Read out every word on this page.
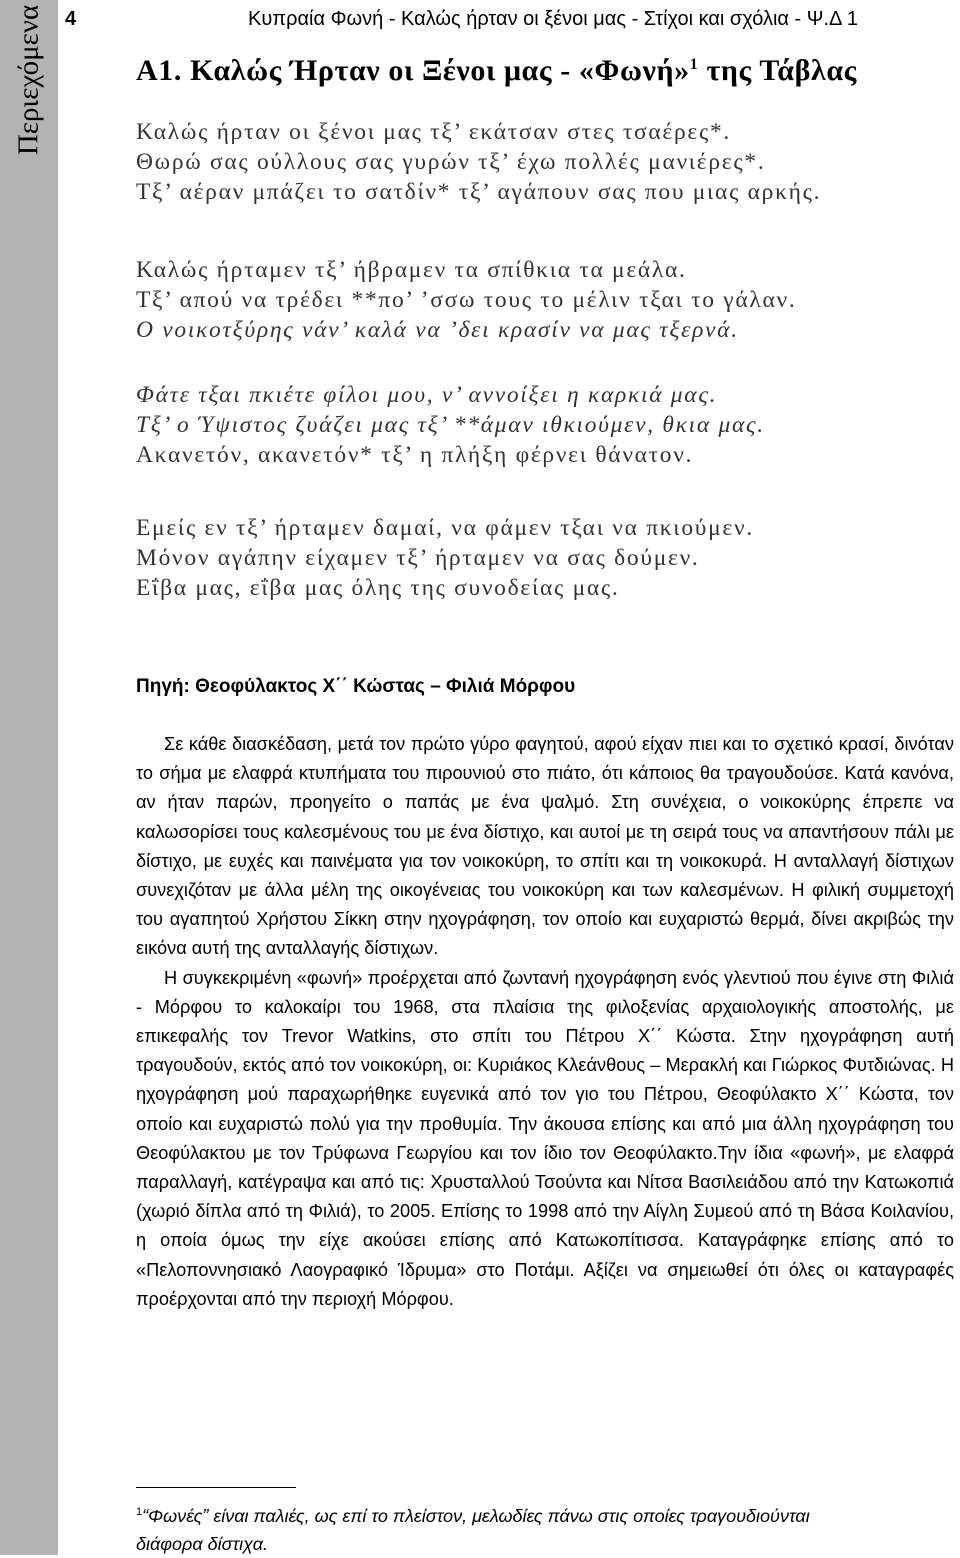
Περιεχόμενα 4	Κυπραία Φωνή - Καλώς ήρταν οι ξένοι μας - Στίχοι και σχόλια - Ψ.Δ 1
Α1. Καλώς Ήρταν οι Ξένοι μας - «Φωνή»$^1$ της Τάβλας
Καλώς ήρταν οι ξένοι μας τξ’ εκάτσαν στες τσαέρες*.
Θωρώ σας ούλλους σας γυρών τξ’ έχω πολλές μανιέρες*.
Τξ’ αέραν μπάζει το σατδίν* τξ’ αγάπουν σας που μιας αρκής.
Καλώς ήρταμεν τξ’ ήβραμεν τα σπίθκια τα μεάλα.
Τξ’ απού να τρέδει **πο’ ’σσω τους το μέλιν τξαι το γάλαν.
Ο νοικοτξύρης νάν’ καλά να ’δει κρασίν να μας τξερνά.
Φάτε τξαι πκιέτε φίλοι μου, ν’ αννοίξει η καρκιά μας.
Τξ’ ο Ύψιστος ζυάζει μας τξ’ **άμαν ιθκιούμεν, θκια μας.
Ακανετόν, ακανετόν* τξ’ η πλήξη φέρνει θάνατον.
Εμείς εν τξ’ ήρταμεν δαμαί, να φάμεν τξαι να πκιούμεν.
Μόνον αγάπην είχαμεν τξ’ ήρταμεν να σας δούμεν.
Εΐβα μας, εΐβα μας όλης της συνοδείας μας.
Πηγή: Θεοφύλακτος Χ΄΄ Κώστας – Φιλιά Μόρφου

Σε κάθε διασκέδαση, μετά τον πρώτο γύρο φαγητού, αφού είχαν πιει και το σχετικό κρασί, δινόταν το σήμα με ελαφρά κτυπήματα του πιρουνιού στο πιάτο, ότι κάποιος θα τραγουδούσε. Κατά κανόνα, αν ήταν παρών, προηγείτο ο παπάς με ένα ψαλμό. Στη συνέχεια, ο νοικοκύρης έπρεπε να καλωσορίσει τους καλεσμένους του με ένα δίστιχο, και αυτοί με τη σειρά τους να απαντήσουν πάλι με δίστιχο, με ευχές και παινέματα για τον νοικοκύρη, το σπίτι και τη νοικοκυρά. Η ανταλλαγή δίστιχων συνεχιζόταν με άλλα μέλη της οικογένειας του νοικοκύρη και των καλεσμένων. Η φιλική συμμετοχή του αγαπητού Χρήστου Σίκκη στην ηχογράφηση, τον οποίο και ευχαριστώ θερμά, δίνει ακριβώς την εικόνα αυτή της ανταλλαγής δίστιχων.

Η συγκεκριμένη «φωνή» προέρχεται από ζωντανή ηχογράφηση ενός γλεντιού που έγινε στη Φιλιά - Μόρφου το καλοκαίρι του 1968, στα πλαίσια της φιλοξενίας αρχαιολογικής αποστολής, με επικεφαλής τον Trevor Watkins, στο σπίτι του Πέτρου Χ΄΄ Κώστα. Στην ηχογράφηση αυτή τραγουδούν, εκτός από τον νοικοκύρη, οι: Κυριάκος Κλεάνθους – Μερακλή και Γιώρκος Φυτδιώνας. Η ηχογράφηση μού παραχωρήθηκε ευγενικά από τον γιο του Πέτρου, Θεοφύλακτο Χ΄΄ Κώστα, τον οποίο και ευχαριστώ πολύ για την προθυμία. Την άκουσα επίσης και από μια άλλη ηχογράφηση του Θεοφύλακτου με τον Τρύφωνα Γεωργίου και τον ίδιο τον Θεοφύλακτο.Την ίδια «φωνή», με ελαφρά παραλλαγή, κατέγραψα και από τις: Χρυσταλλού Τσούντα και Νίτσα Βασιλειάδου από την Κατωκοπιά (χωριό δίπλα από τη Φιλιά), το 2005. Επίσης το 1998 από την Αίγλη Συμεού από τη Βάσα Κοιλανίου, η οποία όμως την είχε ακούσει επίσης από Κατωκοπίτισσα. Καταγράφηκε επίσης από το «Πελοποννησιακό Λαογραφικό Ίδρυμα» στο Ποτάμι. Αξίζει να σημειωθεί ότι όλες οι καταγραφές προέρχονται από την περιοχή Μόρφου.

$^1$“Φωνές” είναι παλιές, ως επί το πλείστον, μελωδίες πάνω στις οποίες τραγουδιούνται διάφορα δίστιχα.
